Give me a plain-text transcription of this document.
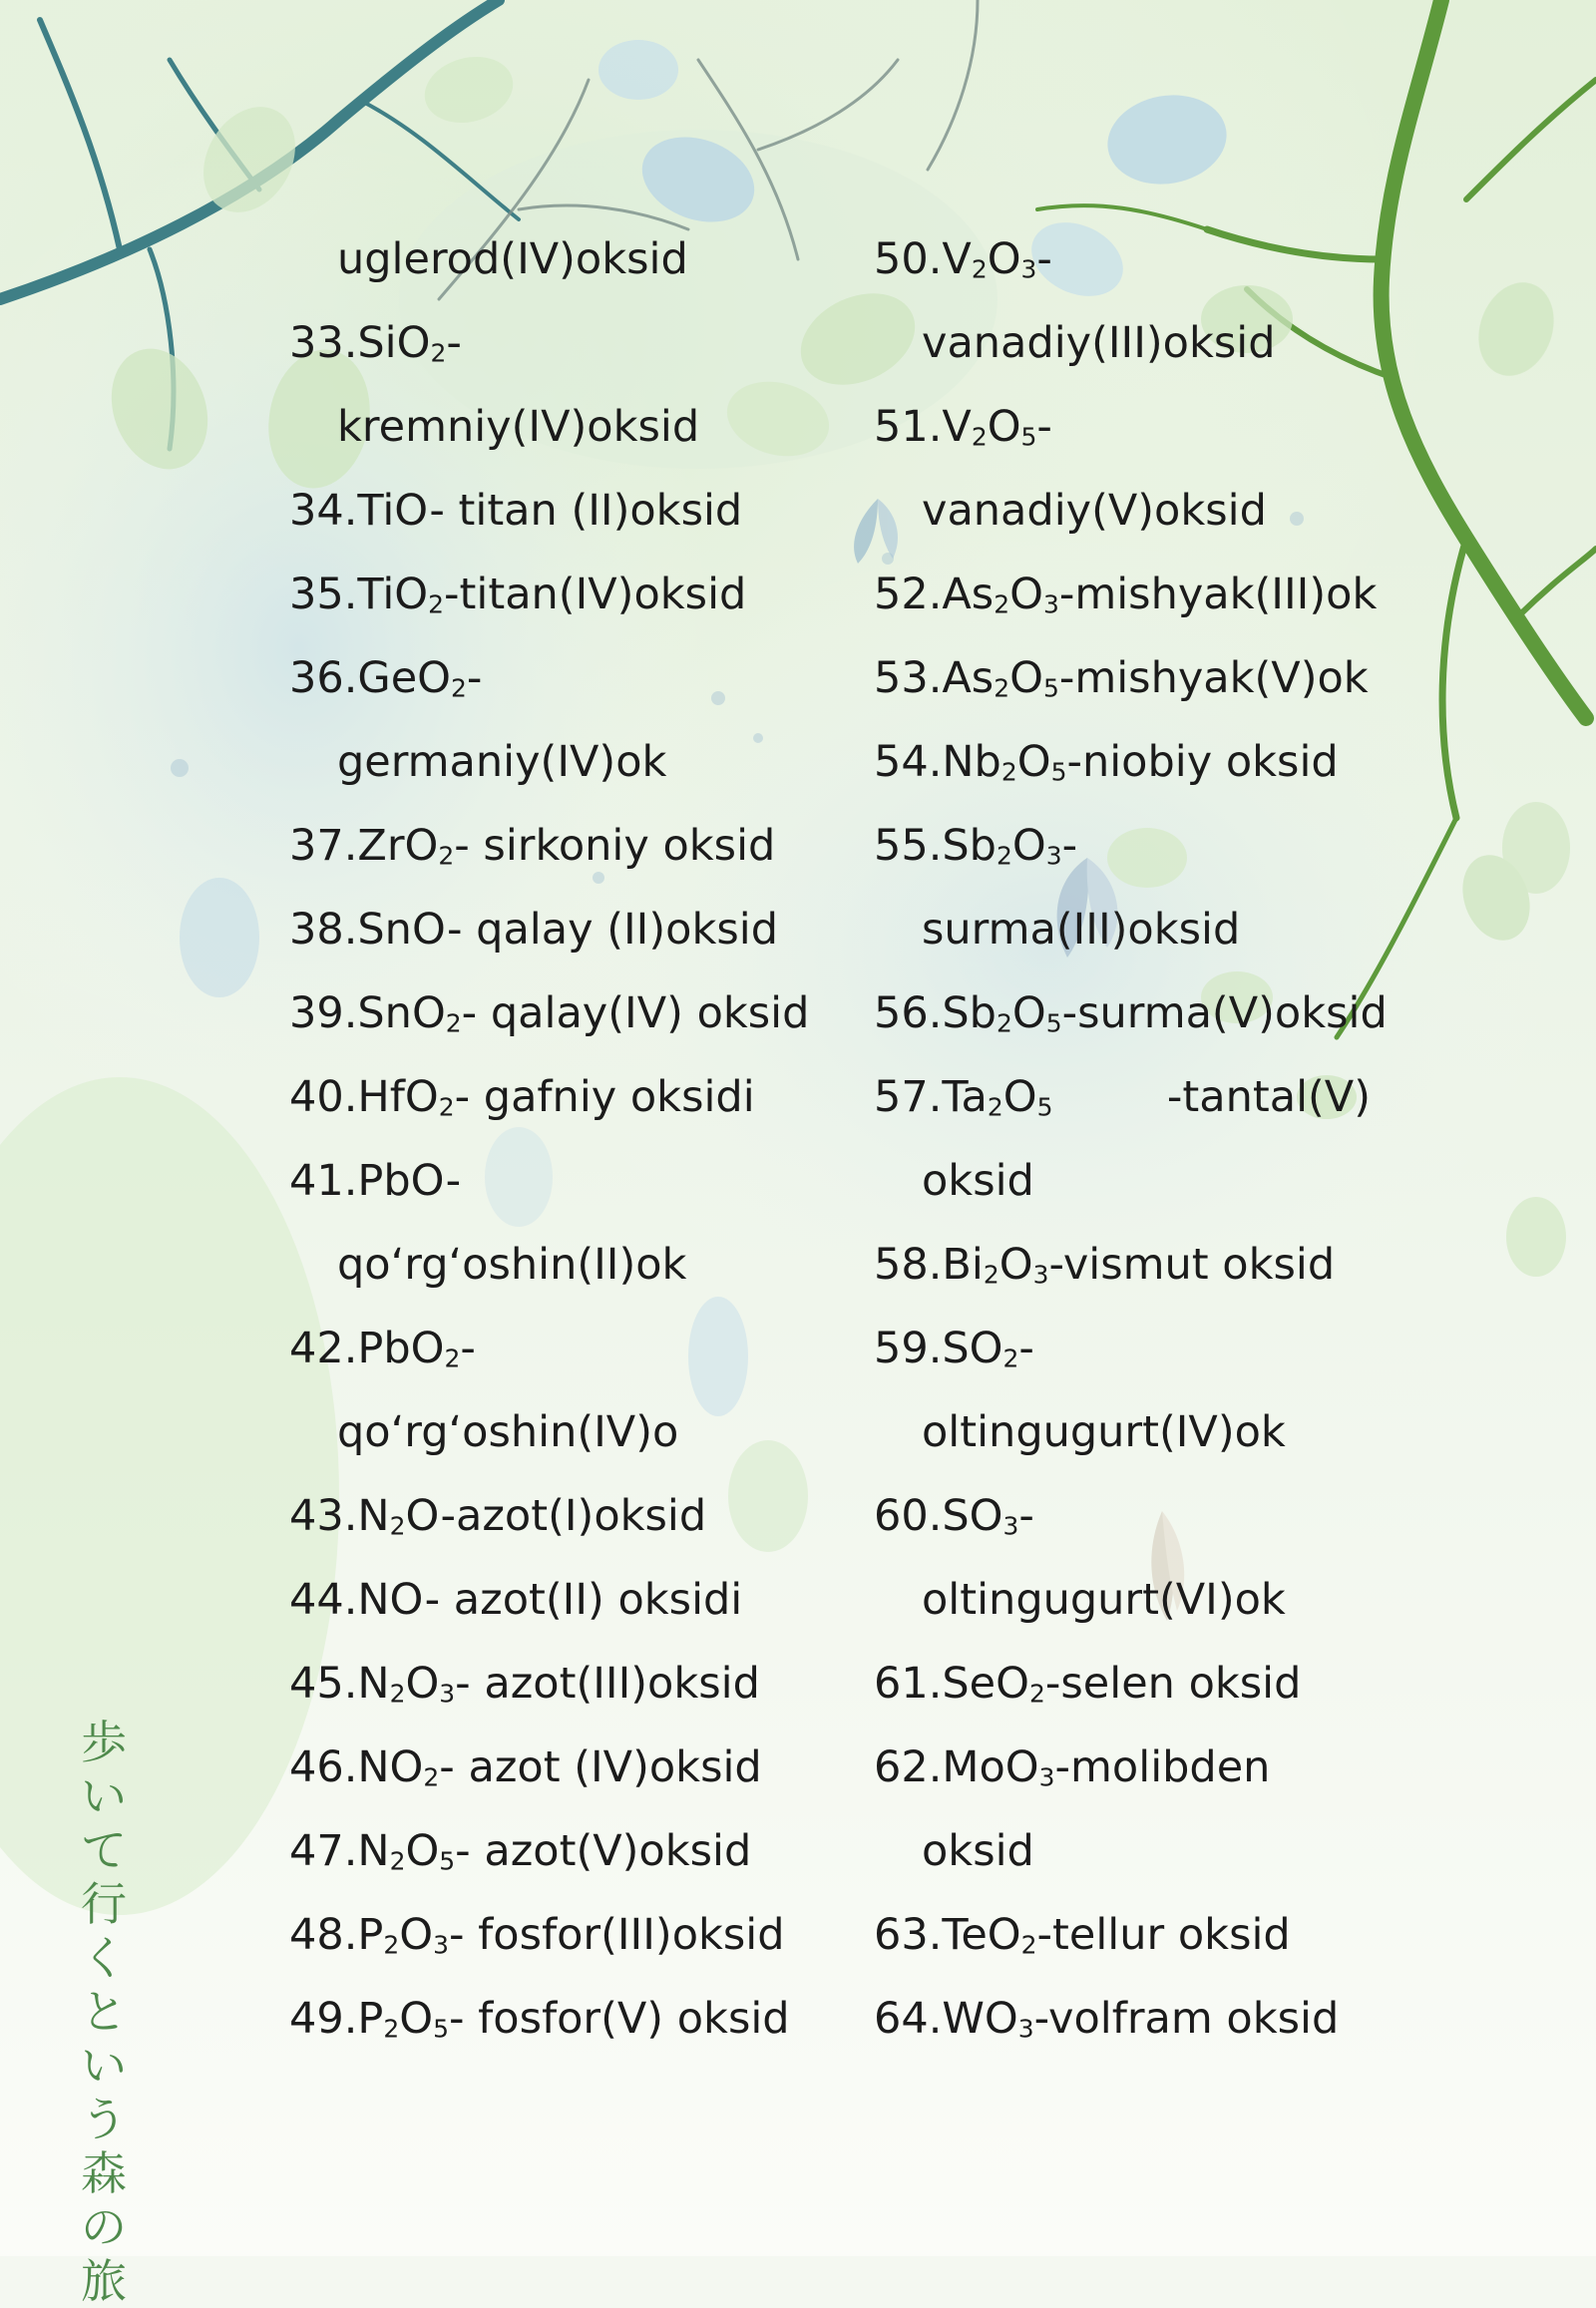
uglerod(IV)oksid
33.SiO$_2$-
kremniy(IV)oksid
34.TiO- titan (II)oksid
35.TiO$_2$-titan(IV)oksid
36.GeO$_2$-
germaniy(IV)ok
37.ZrO$_2$- sirkoniy oksid
38.SnO- qalay (II)oksid
39.SnO$_2$- qalay(IV) oksid
40.HfO$_2$- gafniy oksidi
41.PbO-
qo‘rg‘oshin(II)ok
42.PbO$_2$-
qo‘rg‘oshin(IV)o
$43.N_2O-azot(I)oksid$
44.NO- azot(II) oksidi
$45.N_2O_3-$ azot(III)oksid
$46.NO_2-$ azot (IV)oksid
$47.N_2O_5-$ azot(V)oksid
$48.P_2O_3-$ fosfor(III)oksid
$49.P_2O_5-$ fosfor(V) oksid
$50.V_2O_3-$
vanadiy(III)oksid
$51.V_2O_5-$
vanadiy(V)oksid
$52.As_2O_3-mishyak(III)ok$
$53.As_2O_5-mishyak(V)ok$
$54.Nb_2O_5$-niobiy oksid
$55.Sb_2O_3-$
surma(III)oksid
$56.Sb_2O_5-surma(V)oksid$
$57.Ta_2O_5$	-tantal(V)
oksid
$58.Bi_2O_3$-vismut oksid
$59.SO_2-$
oltingugurt(IV)ok
$60.SO_3-$
oltingugurt(VI)ok
61.SeO$_2$-selen oksid
62.MoO$_3$-molibden
oksid
63.TeO$_2$-tellur oksid
$64.WO_3$-volfram oksid
歩
い
て
行
く
と
い
う
森
の
旅
